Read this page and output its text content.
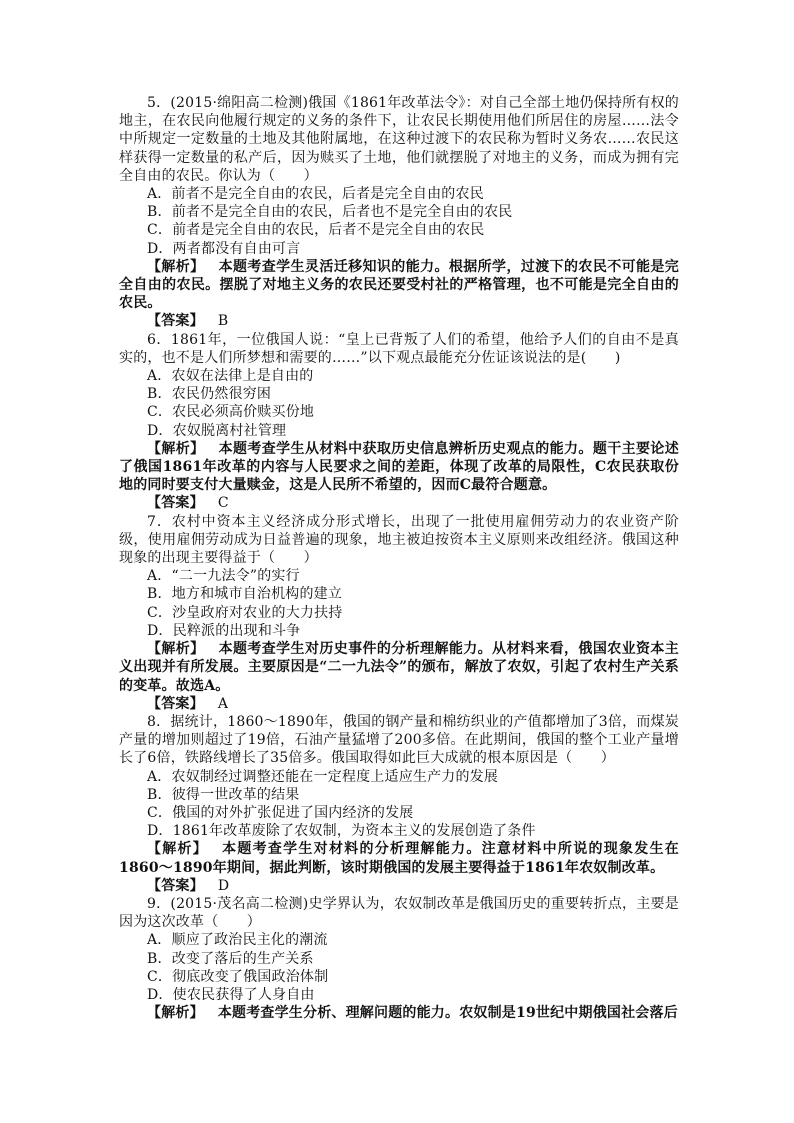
5．(2015·绵阳高二检测)俄国《1861年改革法令》：对自己全部土地仍保持所有权的地主，在农民向他履行规定的义务的条件下，让农民长期使用他们所居住的房屋……法令中所规定一定数量的土地及其他附属地，在这种过渡下的农民称为暂时义务农……农民这样获得一定数量的私产后，因为赎买了土地，他们就摆脱了对地主的义务，而成为拥有完全自由的农民。你认为（　　）

A．前者不是完全自由的农民，后者是完全自由的农民

B．前者不是完全自由的农民，后者也不是完全自由的农民

C．前者是完全自由的农民，后者不是完全自由的农民

D．两者都没有自由可言

【解析】 本题考查学生灵活迁移知识的能力。根据所学，过渡下的农民不可能是完全自由的农民。摆脱了对地主义务的农民还要受村社的严格管理，也不可能是完全自由的农民。

【答案】 B

6．1861年，一位俄国人说：“皇上已背叛了人们的希望，他给予人们的自由不是真实的，也不是人们所梦想和需要的……”以下观点最能充分佐证该说法的是(　　)

A．农奴在法律上是自由的

B．农民仍然很穷困

C．农民必须高价赎买份地

D．农奴脱离村社管理

【解析】 本题考查学生从材料中获取历史信息辨析历史观点的能力。题干主要论述了俄国1861年改革的内容与人民要求之间的差距，体现了改革的局限性，C农民获取份地的同时要支付大量赎金，这是人民所不希望的，因而C最符合题意。

【答案】 C

7．农村中资本主义经济成分形式增长，出现了一批使用雇佣劳动力的农业资产阶级，使用雇佣劳动成为日益普遍的现象，地主被迫按资本主义原则来改组经济。俄国这种现象的出现主要得益于（　　）

A．“二一九法令”的实行

B．地方和城市自治机构的建立

C．沙皇政府对农业的大力扶持

D．民粹派的出现和斗争

【解析】 本题考查学生对历史事件的分析理解能力。从材料来看，俄国农业资本主义出现并有所发展。主要原因是“二一九法令”的颁布，解放了农奴，引起了农村生产关系的变革。故选A。

【答案】 A

8．据统计，1860～1890年，俄国的钢产量和棉纺织业的产值都增加了3倍，而煤炭产量的增加则超过了19倍，石油产量猛增了200多倍。在此期间，俄国的整个工业产量增长了6倍，铁路线增长了35倍多。俄国取得如此巨大成就的根本原因是（　　）

A．农奴制经过调整还能在一定程度上适应生产力的发展

B．彼得一世改革的结果

C．俄国的对外扩张促进了国内经济的发展

D．1861年改革废除了农奴制，为资本主义的发展创造了条件

【解析】 本题考查学生对材料的分析理解能力。注意材料中所说的现象发生在1860～1890年期间，据此判断，该时期俄国的发展主要得益于1861年农奴制改革。

【答案】 D

9．(2015·茂名高二检测)史学界认为，农奴制改革是俄国历史的重要转折点，主要是因为这次改革（　　）

A．顺应了政治民主化的潮流

B．改变了落后的生产关系

C．彻底改变了俄国政治体制

D．使农民获得了人身自由

【解析】 本题考查学生分析、理解问题的能力。农奴制是19世纪中期俄国社会落后
